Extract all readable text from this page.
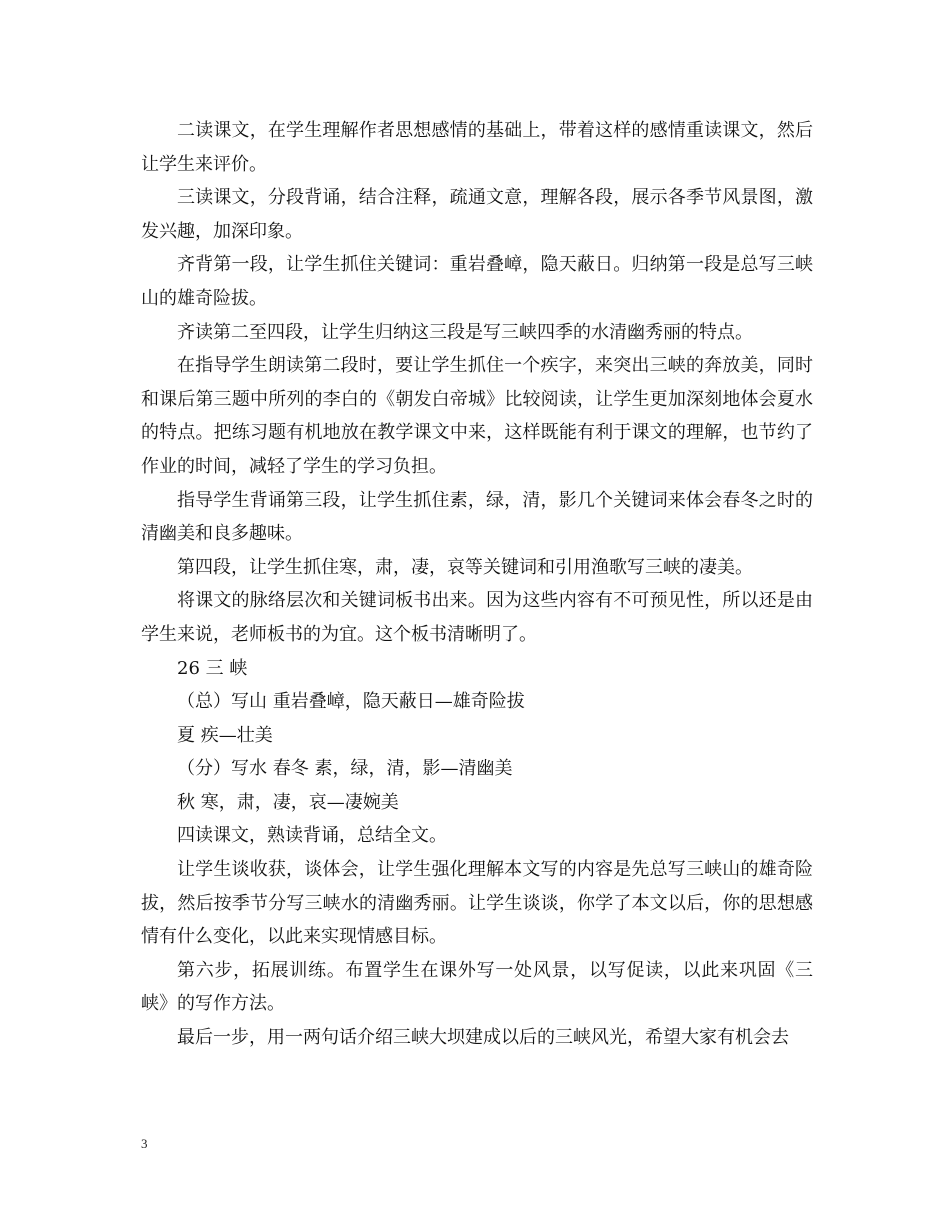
二读课文，在学生理解作者思想感情的基础上，带着这样的感情重读课文，然后让学生来评价。

三读课文，分段背诵，结合注释，疏通文意，理解各段，展示各季节风景图，激发兴趣，加深印象。

齐背第一段，让学生抓住关键词：重岩叠嶂，隐天蔽日。归纳第一段是总写三峡山的雄奇险拔。

齐读第二至四段，让学生归纳这三段是写三峡四季的水清幽秀丽的特点。

在指导学生朗读第二段时，要让学生抓住一个疾字，来突出三峡的奔放美，同时和课后第三题中所列的李白的《朝发白帝城》比较阅读，让学生更加深刻地体会夏水的特点。把练习题有机地放在教学课文中来，这样既能有利于课文的理解，也节约了作业的时间，减轻了学生的学习负担。

指导学生背诵第三段，让学生抓住素，绿，清，影几个关键词来体会春冬之时的清幽美和良多趣味。

第四段，让学生抓住寒，肃，凄，哀等关键词和引用渔歌写三峡的凄美。

将课文的脉络层次和关键词板书出来。因为这些内容有不可预见性，所以还是由学生来说，老师板书的为宜。这个板书清晰明了。

26 三 峡

（总）写山 重岩叠嶂，隐天蔽日—雄奇险拔

夏 疾—壮美

（分）写水 春冬 素，绿，清，影—清幽美

秋 寒，肃，凄，哀—凄婉美

四读课文，熟读背诵，总结全文。

让学生谈收获，谈体会，让学生强化理解本文写的内容是先总写三峡山的雄奇险拔，然后按季节分写三峡水的清幽秀丽。让学生谈谈，你学了本文以后，你的思想感情有什么变化，以此来实现情感目标。

第六步，拓展训练。布置学生在课外写一处风景，以写促读，以此来巩固《三峡》的写作方法。

最后一步，用一两句话介绍三峡大坝建成以后的三峡风光，希望大家有机会去

3
